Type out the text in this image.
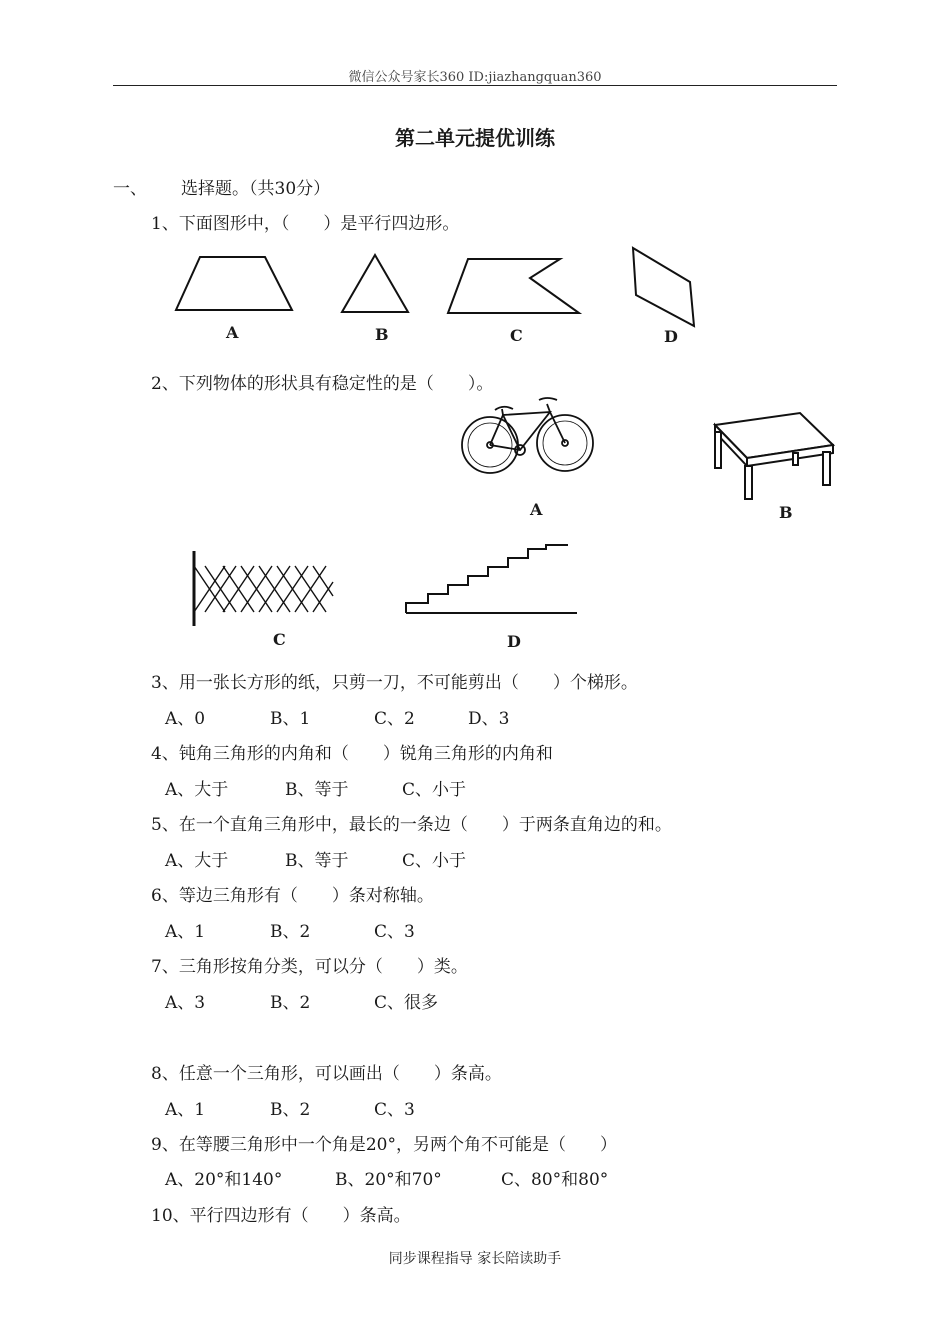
微信公众号家长360 ID:jiazhangquan360
第二单元提优训练
一、 选择题。（共30分）
1、下面图形中，（　　）是平行四边形。
A	B	C	D
2、下列物体的形状具有稳定性的是（　　）。
A	B
C	D
3、用一张长方形的纸，只剪一刀，不可能剪出（　　）个梯形。

A、0

	B、1

	C、2

	D、3

4、钝角三角形的内角和（　　）锐角三角形的内角和

A、大于

	B、等于

	C、小于

5、在一个直角三角形中，最长的一条边（　　）于两条直角边的和。

A、大于

	B、等于

	C、小于

6、等边三角形有（　　）条对称轴。

A、1

	B、2

	C、3

7、三角形按角分类，可以分（　　）类。

A、3

	B、2

	C、很多

8、任意一个三角形，可以画出（　　）条高。

A、1

	B、2

	C、3

9、在等腰三角形中一个角是20°，另两个角不可能是（　　）

A、20°和140°

	B、20°和70°

	C、80°和80°

10、平行四边形有（　　）条高。
同步课程指导 家长陪读助手
